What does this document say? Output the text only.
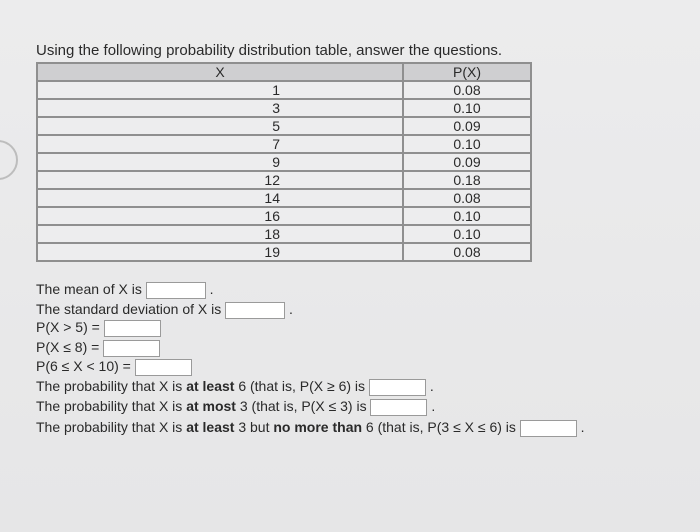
Using the following probability distribution table, answer the questions.
X	P(X)
1	0.08
3	0.10
5	0.09
7	0.10
9	0.09
12	0.18
14	0.08
16	0.10
18	0.10
19	0.08
The mean of X is	.
The standard deviation of X is	.
P(X > 5) =
P(X ≤ 8) =
P(6 ≤ X < 10) =
The probability that X is at least 6 (that is, P(X ≥ 6) is	.
The probability that X is at most 3 (that is, P(X ≤ 3) is	.
The probability that X is at least 3 but no more than 6 (that is, P(3 ≤ X ≤ 6) is	.
